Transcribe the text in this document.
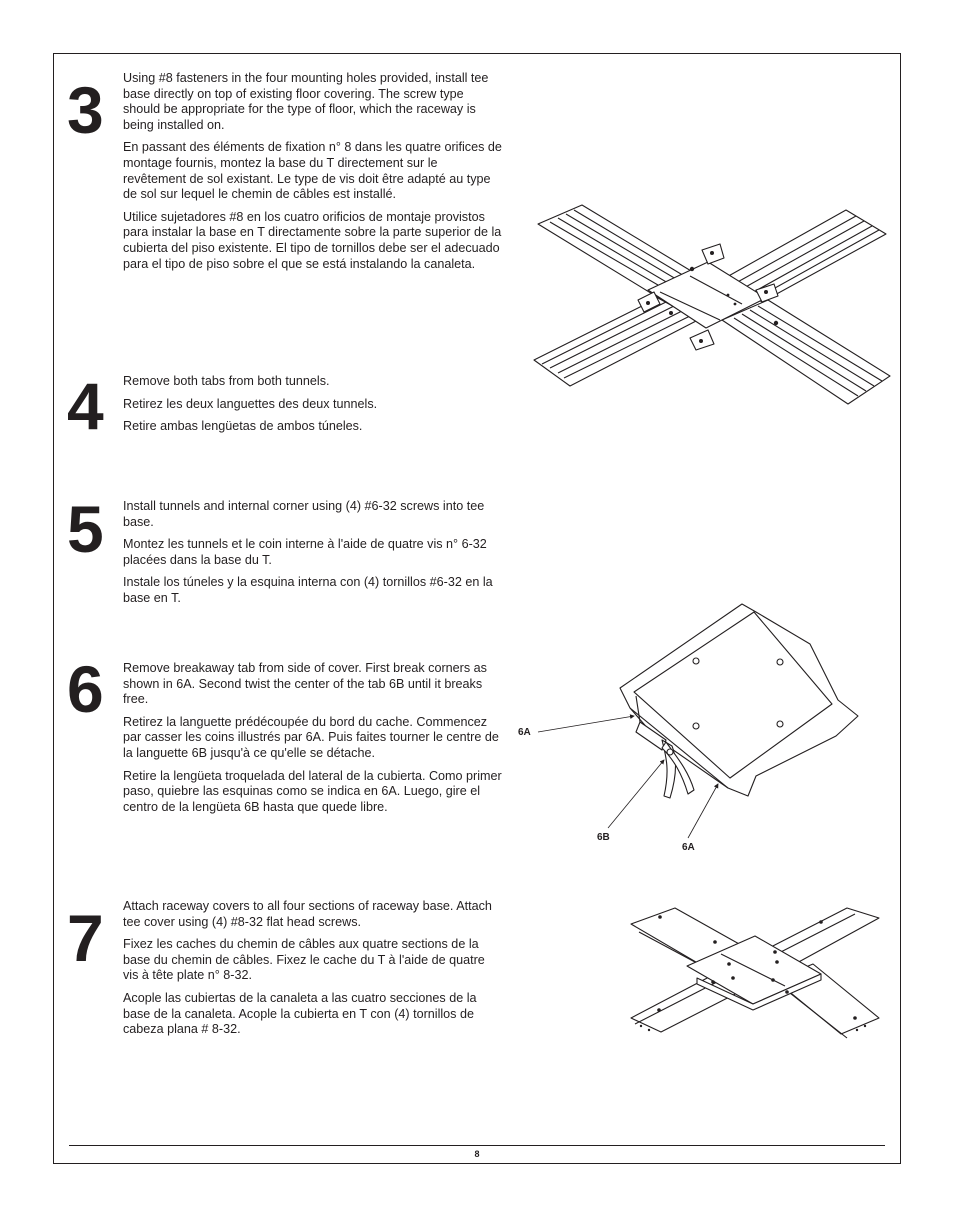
3 Using #8 fasteners in the four mounting holes provided, install tee base directly on top of existing floor covering. The screw type should be appropriate for the type of floor, which the raceway is being installed on.

En passant des éléments de fixation n° 8 dans les quatre orifices de montage fournis, montez la base du T directement sur le revêtement de sol existant. Le type de vis doit être adapté au type de sol sur lequel le chemin de câbles est installé.

Utilice sujetadores #8 en los cuatro orificios de montaje provistos para instalar la base en T directamente sobre la parte superior de la cubierta del piso existente. El tipo de tornillos debe ser el adecuado para el tipo de piso sobre el que se está instalando la canaleta.

4 Remove both tabs from both tunnels.

Retirez les deux languettes des deux tunnels.

Retire ambas lengüetas de ambos túneles.

5 Install tunnels and internal corner using (4) #6-32 screws into tee base.

Montez les tunnels et le coin interne à l'aide de quatre vis n° 6-32 placées dans la base du T.

Instale los túneles y la esquina interna con (4) tornillos #6-32 en la base en T.

6 Remove breakaway tab from side of cover. First break corners as shown in 6A. Second twist the center of the tab 6B until it breaks free.

Retirez la languette prédécoupée du bord du cache. Commencez par casser les coins illustrés par 6A. Puis faites tourner le centre de la languette 6B jusqu'à ce qu'elle se détache.

Retire la lengüeta troquelada del lateral de la cubierta. Como primer paso, quiebre las esquinas como se indica en 6A. Luego, gire el centro de la lengüeta 6B hasta que quede libre.

7 Attach raceway covers to all four sections of raceway base. Attach tee cover using (4) #8-32 flat head screws.

Fixez les caches du chemin de câbles aux quatre sections de la base du chemin de câbles. Fixez le cache du T à l'aide de quatre vis à tête plate n° 8-32.

Acople las cubiertas de la canaleta a las cuatro secciones de la base de la canaleta. Acople la cubierta en T con (4) tornillos de cabeza plana # 8-32.

6A
6B
6A
8
